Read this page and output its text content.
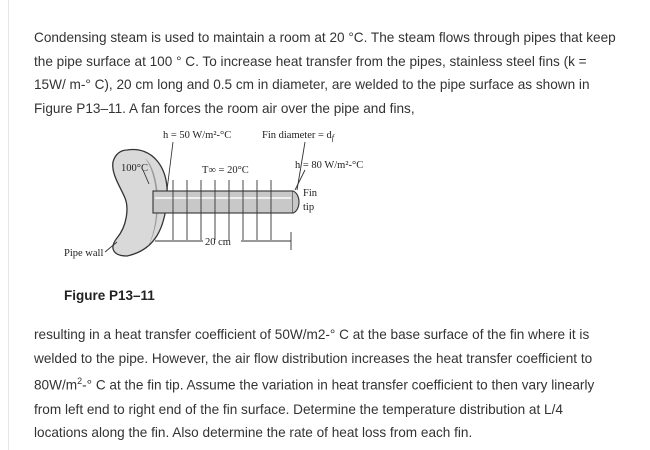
Condensing steam is used to maintain a room at 20 °C. The steam flows through pipes that keep
the pipe surface at 100 ° C. To increase heat transfer from the pipes, stainless steel fins (k =
15W/ m-° C), 20 cm long and 0.5 cm in diameter, are welded to the pipe surface as shown in
Figure P13–11. A fan forces the room air over the pipe and fins,

h = 50 W/m²-°C	Fin diameter = df
100°C	T∞ = 20°C	h = 80 W/m²-°C
Fin
tip
20 cm
Pipe wall
Figure P13–11

resulting in a heat transfer coefficient of 50W/m2-° C at the base surface of the fin where it is
welded to the pipe. However, the air flow distribution increases the heat transfer coefficient to
$80W/m^2-^\circ$ C at the fin tip. Assume the variation in heat transfer coefficient to then vary linearly
from left end to right end of the fin surface. Determine the temperature distribution at L/4
locations along the fin. Also determine the rate of heat loss from each fin.
